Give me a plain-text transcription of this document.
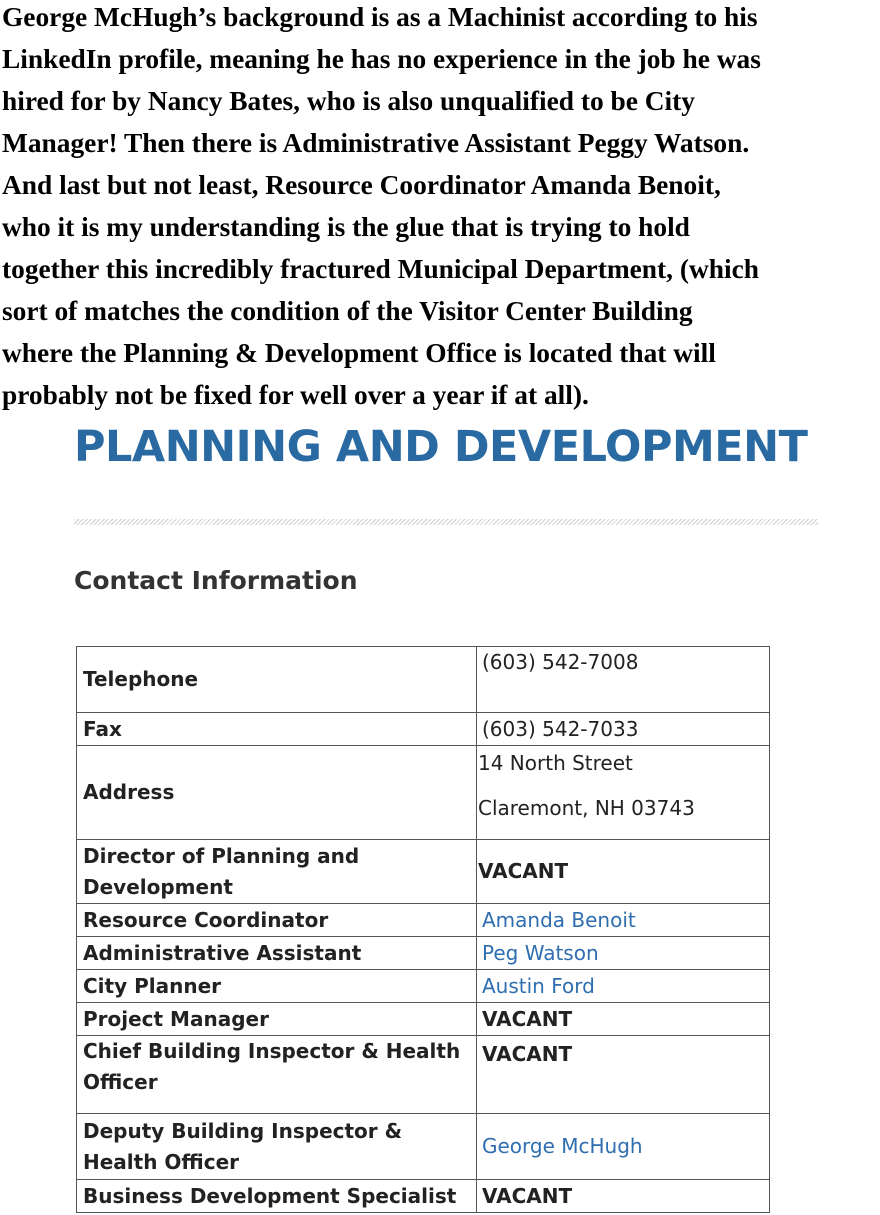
George McHugh’s background is as a Machinist according to his
LinkedIn profile, meaning he has no experience in the job he was
hired for by Nancy Bates, who is also unqualified to be City
Manager! Then there is Administrative Assistant Peggy Watson.
And last but not least, Resource Coordinator Amanda Benoit,
who it is my understanding is the glue that is trying to hold
together this incredibly fractured Municipal Department, (which
sort of matches the condition of the Visitor Center Building
where the Planning & Development Office is located that will
probably not be fixed for well over a year if at all).
PLANNING AND DEVELOPMENT
Contact Information
Telephone	(603) 542-7008
Fax	(603) 542-7033
Address	14 North Street
Claremont, NH 03743

Director of Planning and
Development	VACANT
Resource Coordinator	Amanda Benoit
Administrative Assistant	Peg Watson
City Planner	Austin Ford
Project Manager	VACANT

Chief Building Inspector & Health
Officer	VACANT

Deputy Building Inspector &
Health Officer	George McHugh
Business Development Specialist	VACANT
